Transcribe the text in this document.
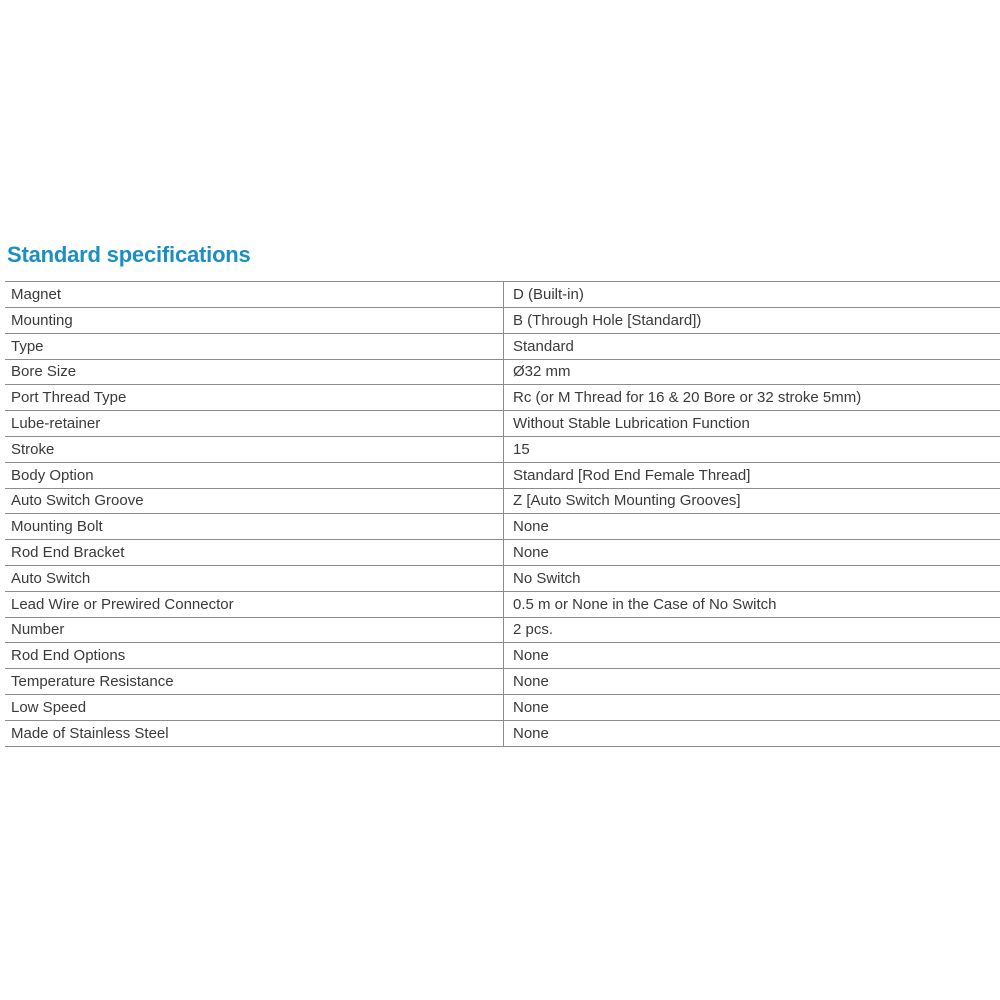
Standard specifications
Magnet	D (Built-in)
Mounting	B (Through Hole [Standard])
Type	Standard
Bore Size	Ø32 mm
Port Thread Type	Rc (or M Thread for 16 & 20 Bore or 32 stroke 5mm)
Lube-retainer	Without Stable Lubrication Function
Stroke	15
Body Option	Standard [Rod End Female Thread]
Auto Switch Groove	Z [Auto Switch Mounting Grooves]
Mounting Bolt	None
Rod End Bracket	None
Auto Switch	No Switch
Lead Wire or Prewired Connector	0.5 m or None in the Case of No Switch
Number	2 pcs.
Rod End Options	None
Temperature Resistance	None
Low Speed	None
Made of Stainless Steel	None
